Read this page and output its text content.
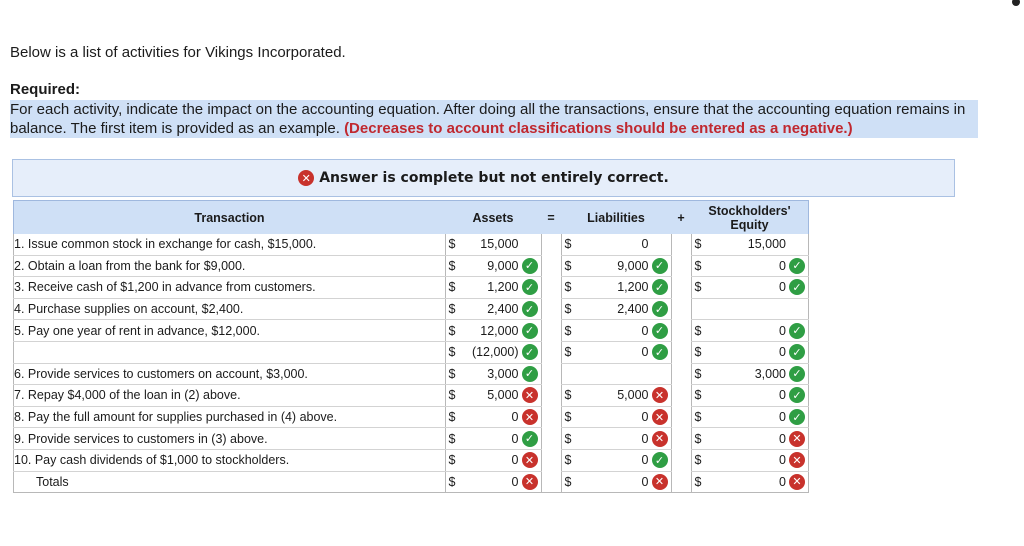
Below is a list of activities for Vikings Incorporated.
Required:
For each activity, indicate the impact on the accounting equation. After doing all the transactions, ensure that the accounting equation remains in balance. The first item is provided as an example. (Decreases to account classifications should be entered as a negative.)
✕ Answer is complete but not entirely correct.
Transaction	Assets	=	Liabilities	+	Stockholders' Equity
1. Issue common stock in exchange for cash, $15,000.	$ 15,000		$ 0		$ 15,000

2. Obtain a loan from the bank for $9,000.	$ 9,000 ✓		$ 9,000 ✓		$ 0 ✓

3. Receive cash of $1,200 in advance from customers.	$ 1,200 ✓		$ 1,200 ✓		$ 0 ✓

4. Purchase supplies on account, $2,400.	$ 2,400 ✓		$ 2,400 ✓		

5. Pay one year of rent in advance, $12,000.	$ 12,000 ✓		$ 0 ✓		$ 0 ✓

	$ (12,000) ✓		$ 0 ✓		$ 0 ✓

6. Provide services to customers on account, $3,000.	$ 3,000 ✓				$ 3,000 ✓

7. Repay $4,000 of the loan in (2) above.	$ 5,000 ✕		$ 5,000 ✕		$ 0 ✓

8. Pay the full amount for supplies purchased in (4) above.	$ 0 ✕		$ 0 ✕		$ 0 ✓

9. Provide services to customers in (3) above.	$ 0 ✓		$ 0 ✕		$ 0 ✕

10. Pay cash dividends of $1,000 to stockholders.	$ 0 ✕		$ 0 ✓		$ 0 ✕

Totals	$ 0 ✕		$ 0 ✕		$ 0 ✕
